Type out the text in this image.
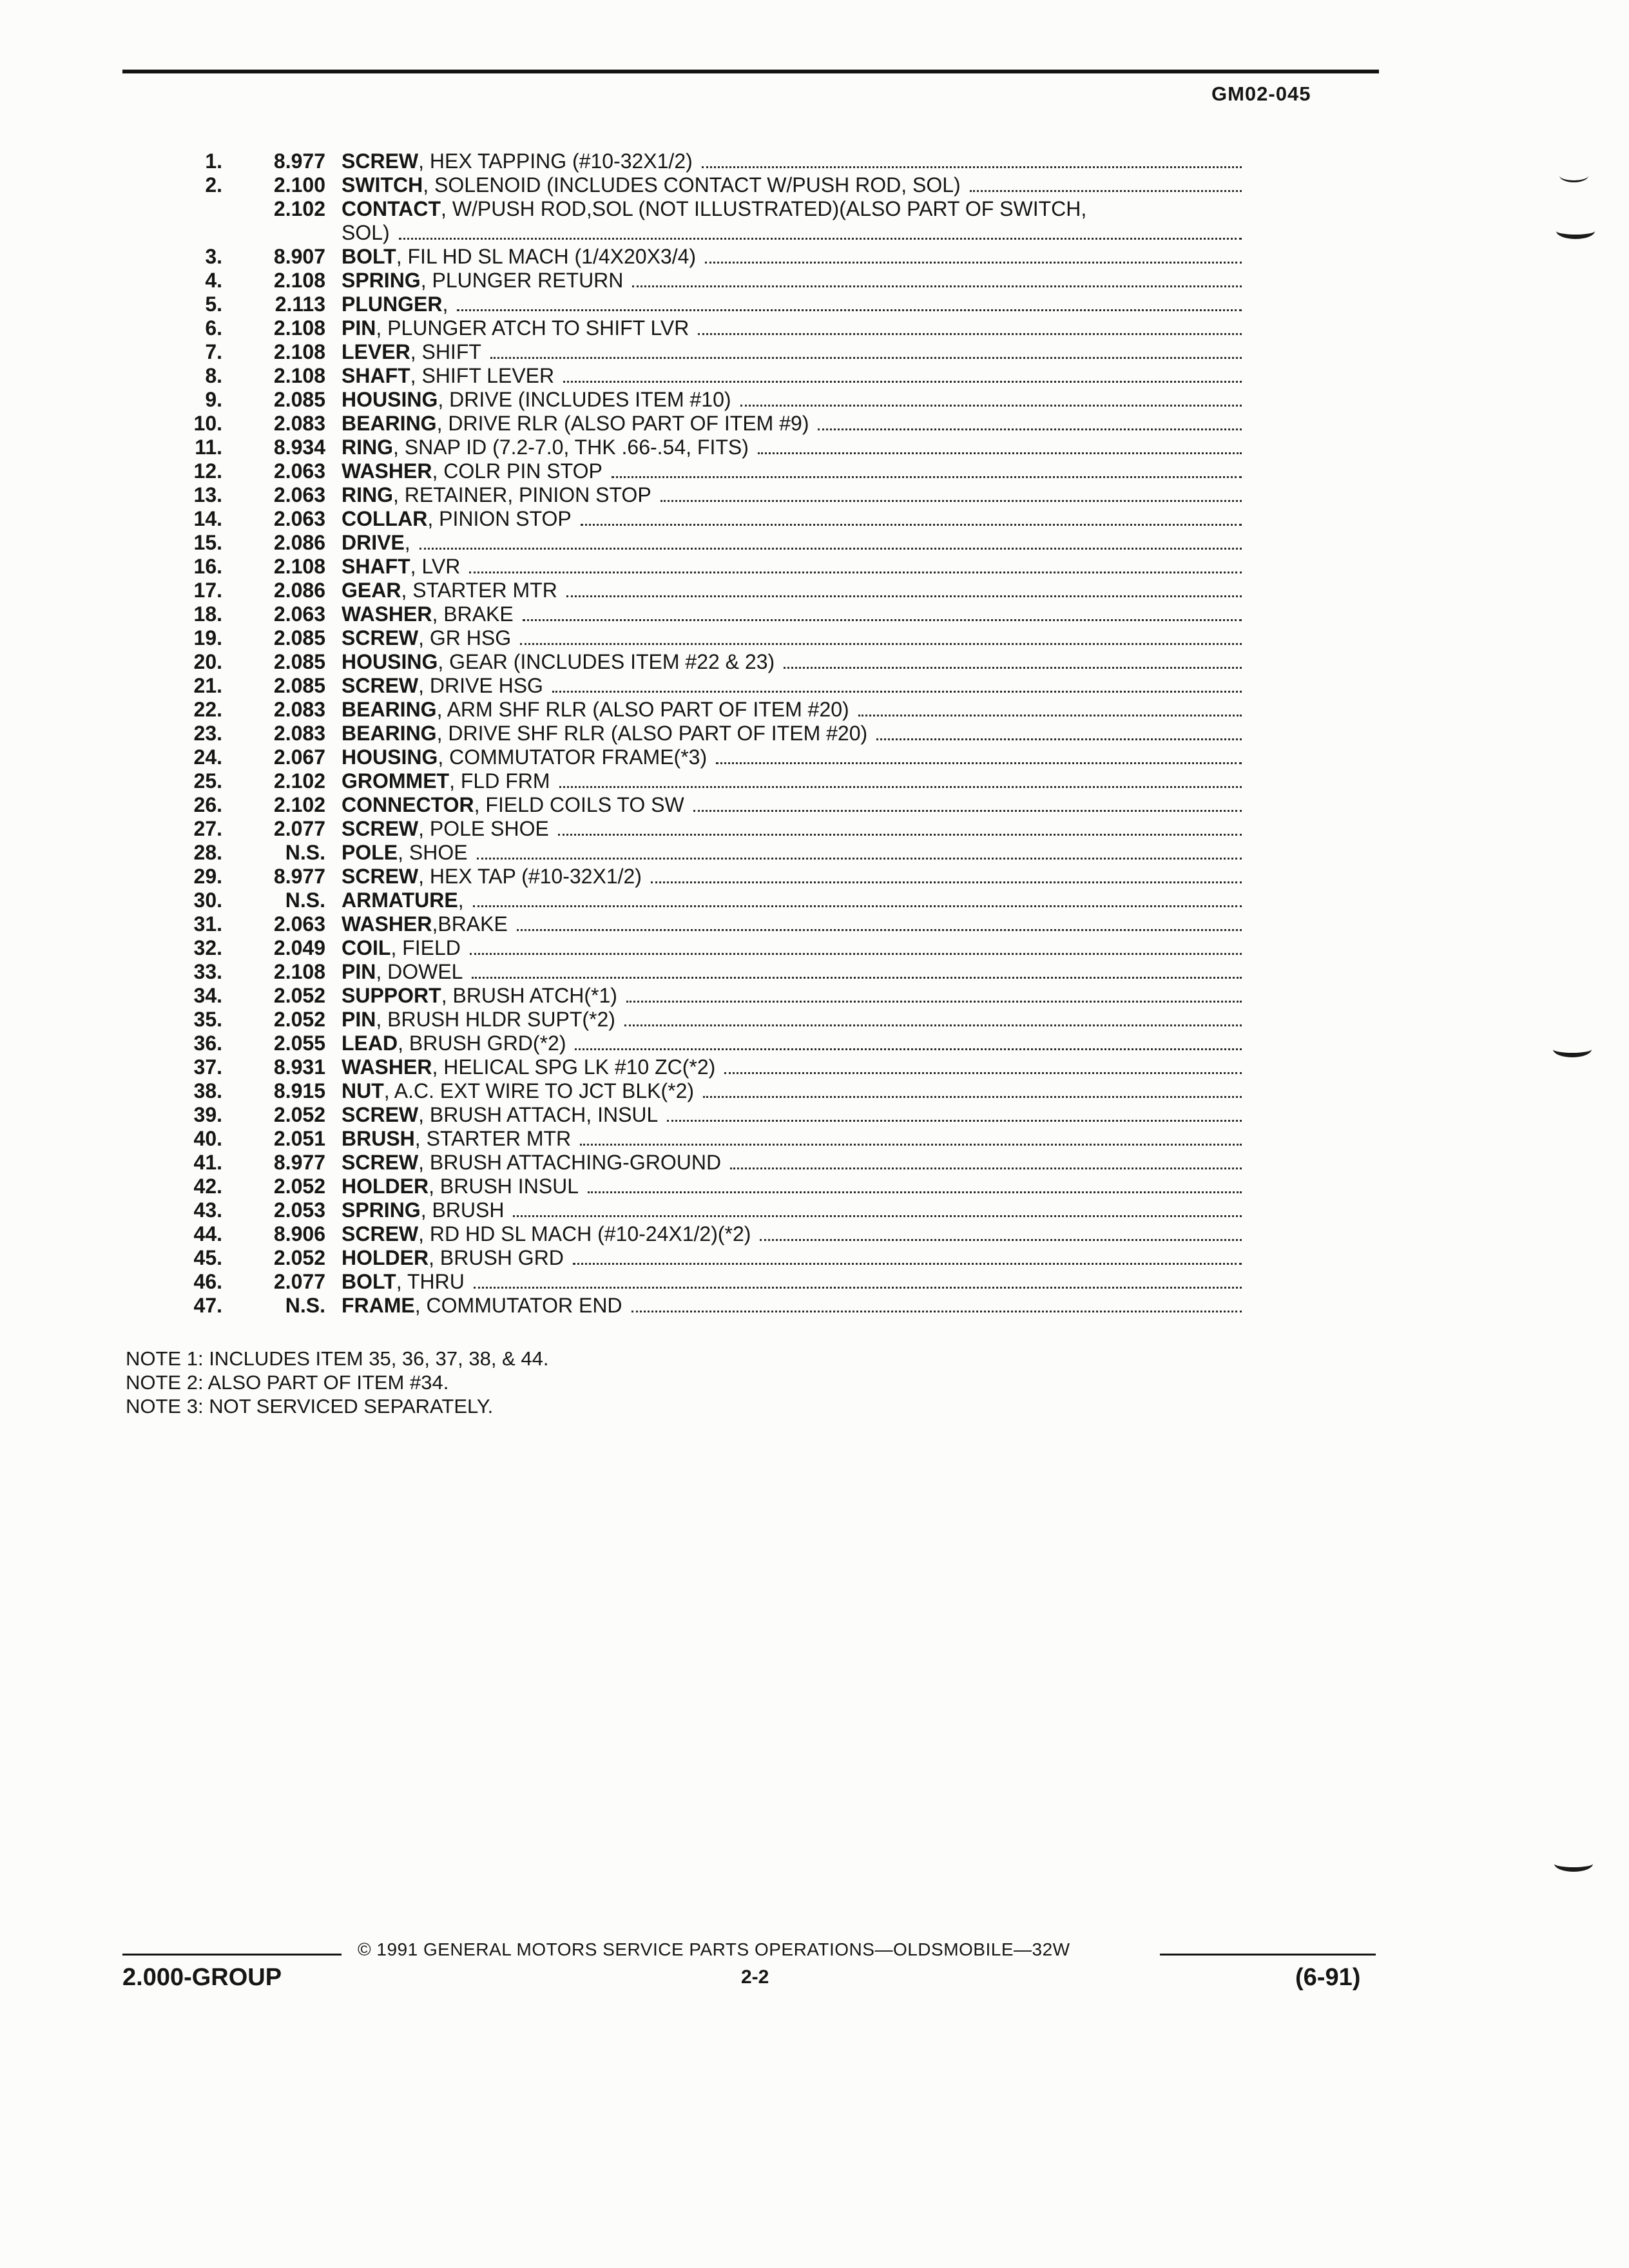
GM02-045
1. 8.977 SCREW , HEX TAPPING (#10-32X1/2)
2. 2.100 SWITCH , SOLENOID (INCLUDES CONTACT W/PUSH ROD, SOL)
2.102 CONTACT , W/PUSH ROD,SOL (NOT ILLUSTRATED)(ALSO PART OF SWITCH,
SOL)
3. 8.907 BOLT , FIL HD SL MACH (1/4X20X3/4)
4. 2.108 SPRING , PLUNGER RETURN
5.	2.113 PLUNGER ,
6. 2.108 PIN , PLUNGER ATCH TO SHIFT LVR
7. 2.108 LEVER , SHIFT
8. 2.108 SHAFT , SHIFT LEVER
9. 2.085 HOUSING , DRIVE (INCLUDES ITEM #10)
10. 2.083 BEARING , DRIVE RLR (ALSO PART OF ITEM #9)
11. 8.934 RING , SNAP ID (7.2-7.0, THK .66-.54, FITS)
12. 2.063 WASHER , COLR PIN STOP
13. 2.063 RING , RETAINER, PINION STOP
14. 2.063 COLLAR , PINION STOP
15. 2.086 DRIVE ,
16. 2.108 SHAFT , LVR
17. 2.086 GEAR , STARTER MTR
18. 2.063 WASHER , BRAKE
19. 2.085 SCREW , GR HSG
20. 2.085 HOUSING , GEAR (INCLUDES ITEM #22 & 23)
21. 2.085 SCREW , DRIVE HSG
22. 2.083 BEARING , ARM SHF RLR (ALSO PART OF ITEM #20)
23. 2.083 BEARING , DRIVE SHF RLR (ALSO PART OF ITEM #20)
24. 2.067 HOUSING , COMMUTATOR FRAME(*3)
25. 2.102 GROMMET , FLD FRM
26. 2.102 CONNECTOR , FIELD COILS TO SW
27. 2.077 SCREW , POLE SHOE
28.	N.S. POLE , SHOE
29. 8.977 SCREW , HEX TAP (#10-32X1/2)
30.	N.S. ARMATURE ,
31. 2.063 WASHER ,BRAKE
32. 2.049 COIL , FIELD
33. 2.108 PIN , DOWEL
34. 2.052 SUPPORT , BRUSH ATCH(*1)
35. 2.052 PIN , BRUSH HLDR SUPT(*2)
36. 2.055 LEAD , BRUSH GRD(*2)
37. 8.931 WASHER , HELICAL SPG LK #10 ZC(*2)
38. 8.915 NUT , A.C. EXT WIRE TO JCT BLK(*2)
39. 2.052 SCREW , BRUSH ATTACH, INSUL
40. 2.051 BRUSH , STARTER MTR
41. 8.977 SCREW , BRUSH ATTACHING-GROUND
42. 2.052 HOLDER , BRUSH INSUL
43. 2.053 SPRING , BRUSH
44. 8.906 SCREW , RD HD SL MACH (#10-24X1/2)(*2)
45. 2.052 HOLDER , BRUSH GRD
46. 2.077 BOLT , THRU
47.	N.S. FRAME , COMMUTATOR END
NOTE 1: INCLUDES ITEM 35, 36, 37, 38, & 44.
NOTE 2: ALSO PART OF ITEM #34.
NOTE 3: NOT SERVICED SEPARATELY.
© 1991 GENERAL MOTORS SERVICE PARTS OPERATIONS—OLDSMOBILE—32W
2.000-GROUP	2-2	(6-91)
